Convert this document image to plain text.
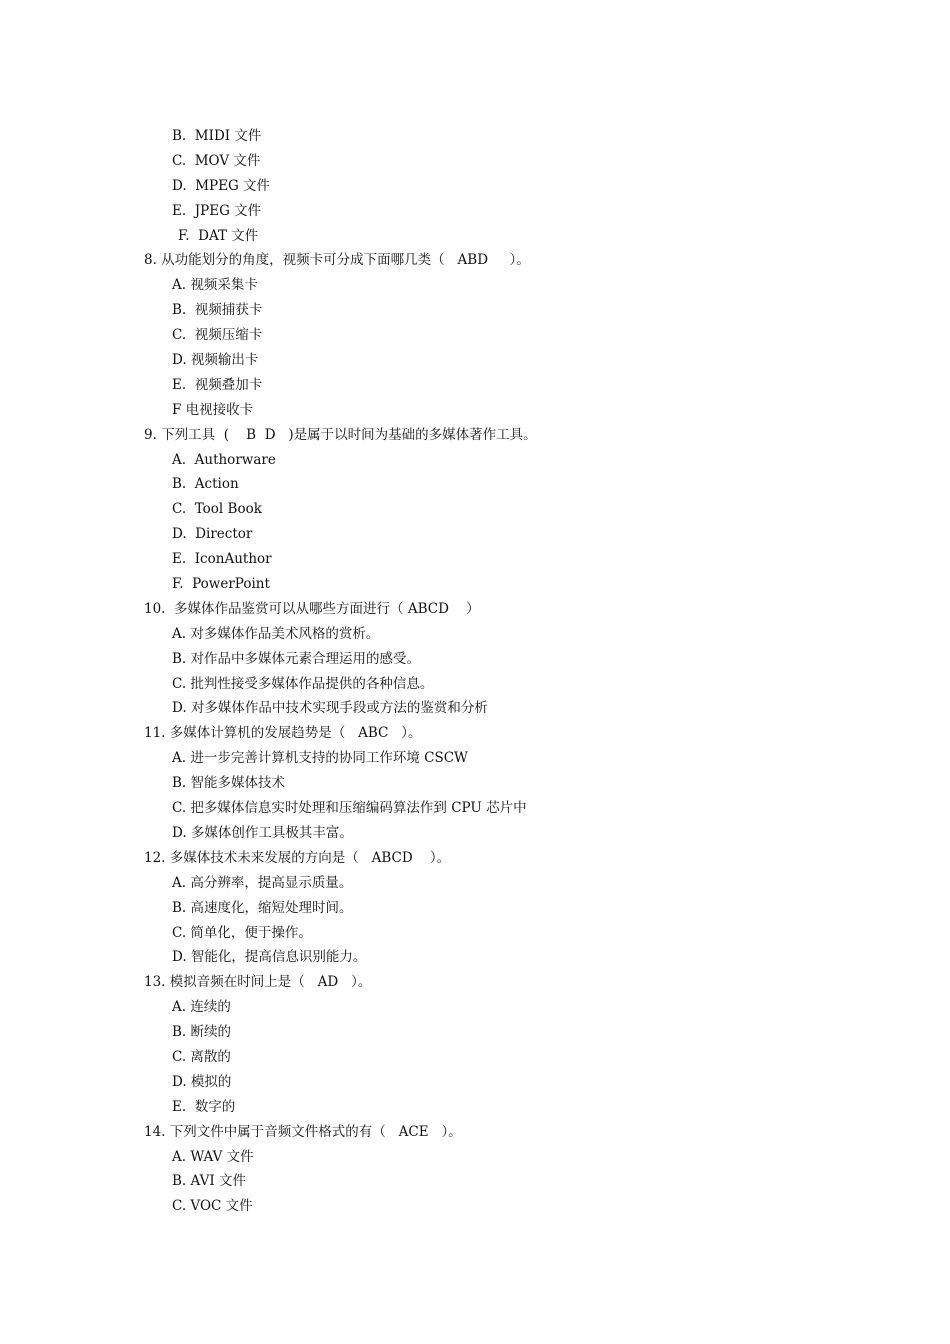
B.  MIDI 文件
C.  MOV 文件
D.  MPEG 文件
E.  JPEG 文件
F.  DAT 文件
8. 从功能划分的角度，视频卡可分成下面哪几类（   ABD     ）。
A. 视频采集卡
B.  视频捕获卡
C.  视频压缩卡
D. 视频输出卡
E.  视频叠加卡
F 电视接收卡
9. 下列工具  (    B  D   )是属于以时间为基础的多媒体著作工具。
A.  Authorware
B.  Action
C.  Tool Book
D.  Director
E.  IconAuthor
F.  PowerPoint
10.  多媒体作品鉴赏可以从哪些方面进行（ ABCD    ）
A. 对多媒体作品美术风格的赏析。
B. 对作品中多媒体元素合理运用的感受。
C. 批判性接受多媒体作品提供的各种信息。
D. 对多媒体作品中技术实现手段或方法的鉴赏和分析
11. 多媒体计算机的发展趋势是（   ABC   ）。
A. 进一步完善计算机支持的协同工作环境 CSCW
B. 智能多媒体技术
C. 把多媒体信息实时处理和压缩编码算法作到 CPU 芯片中
D. 多媒体创作工具极其丰富。
12. 多媒体技术未来发展的方向是（   ABCD    ）。
A. 高分辨率，提高显示质量。
B. 高速度化，缩短处理时间。
C. 简单化，便于操作。
D. 智能化，提高信息识别能力。
13. 模拟音频在时间上是（   AD   ）。
A. 连续的
B. 断续的
C. 离散的
D. 模拟的
E.  数字的
14. 下列文件中属于音频文件格式的有（   ACE   ）。
A. WAV 文件
B. AVI 文件
C. VOC 文件
